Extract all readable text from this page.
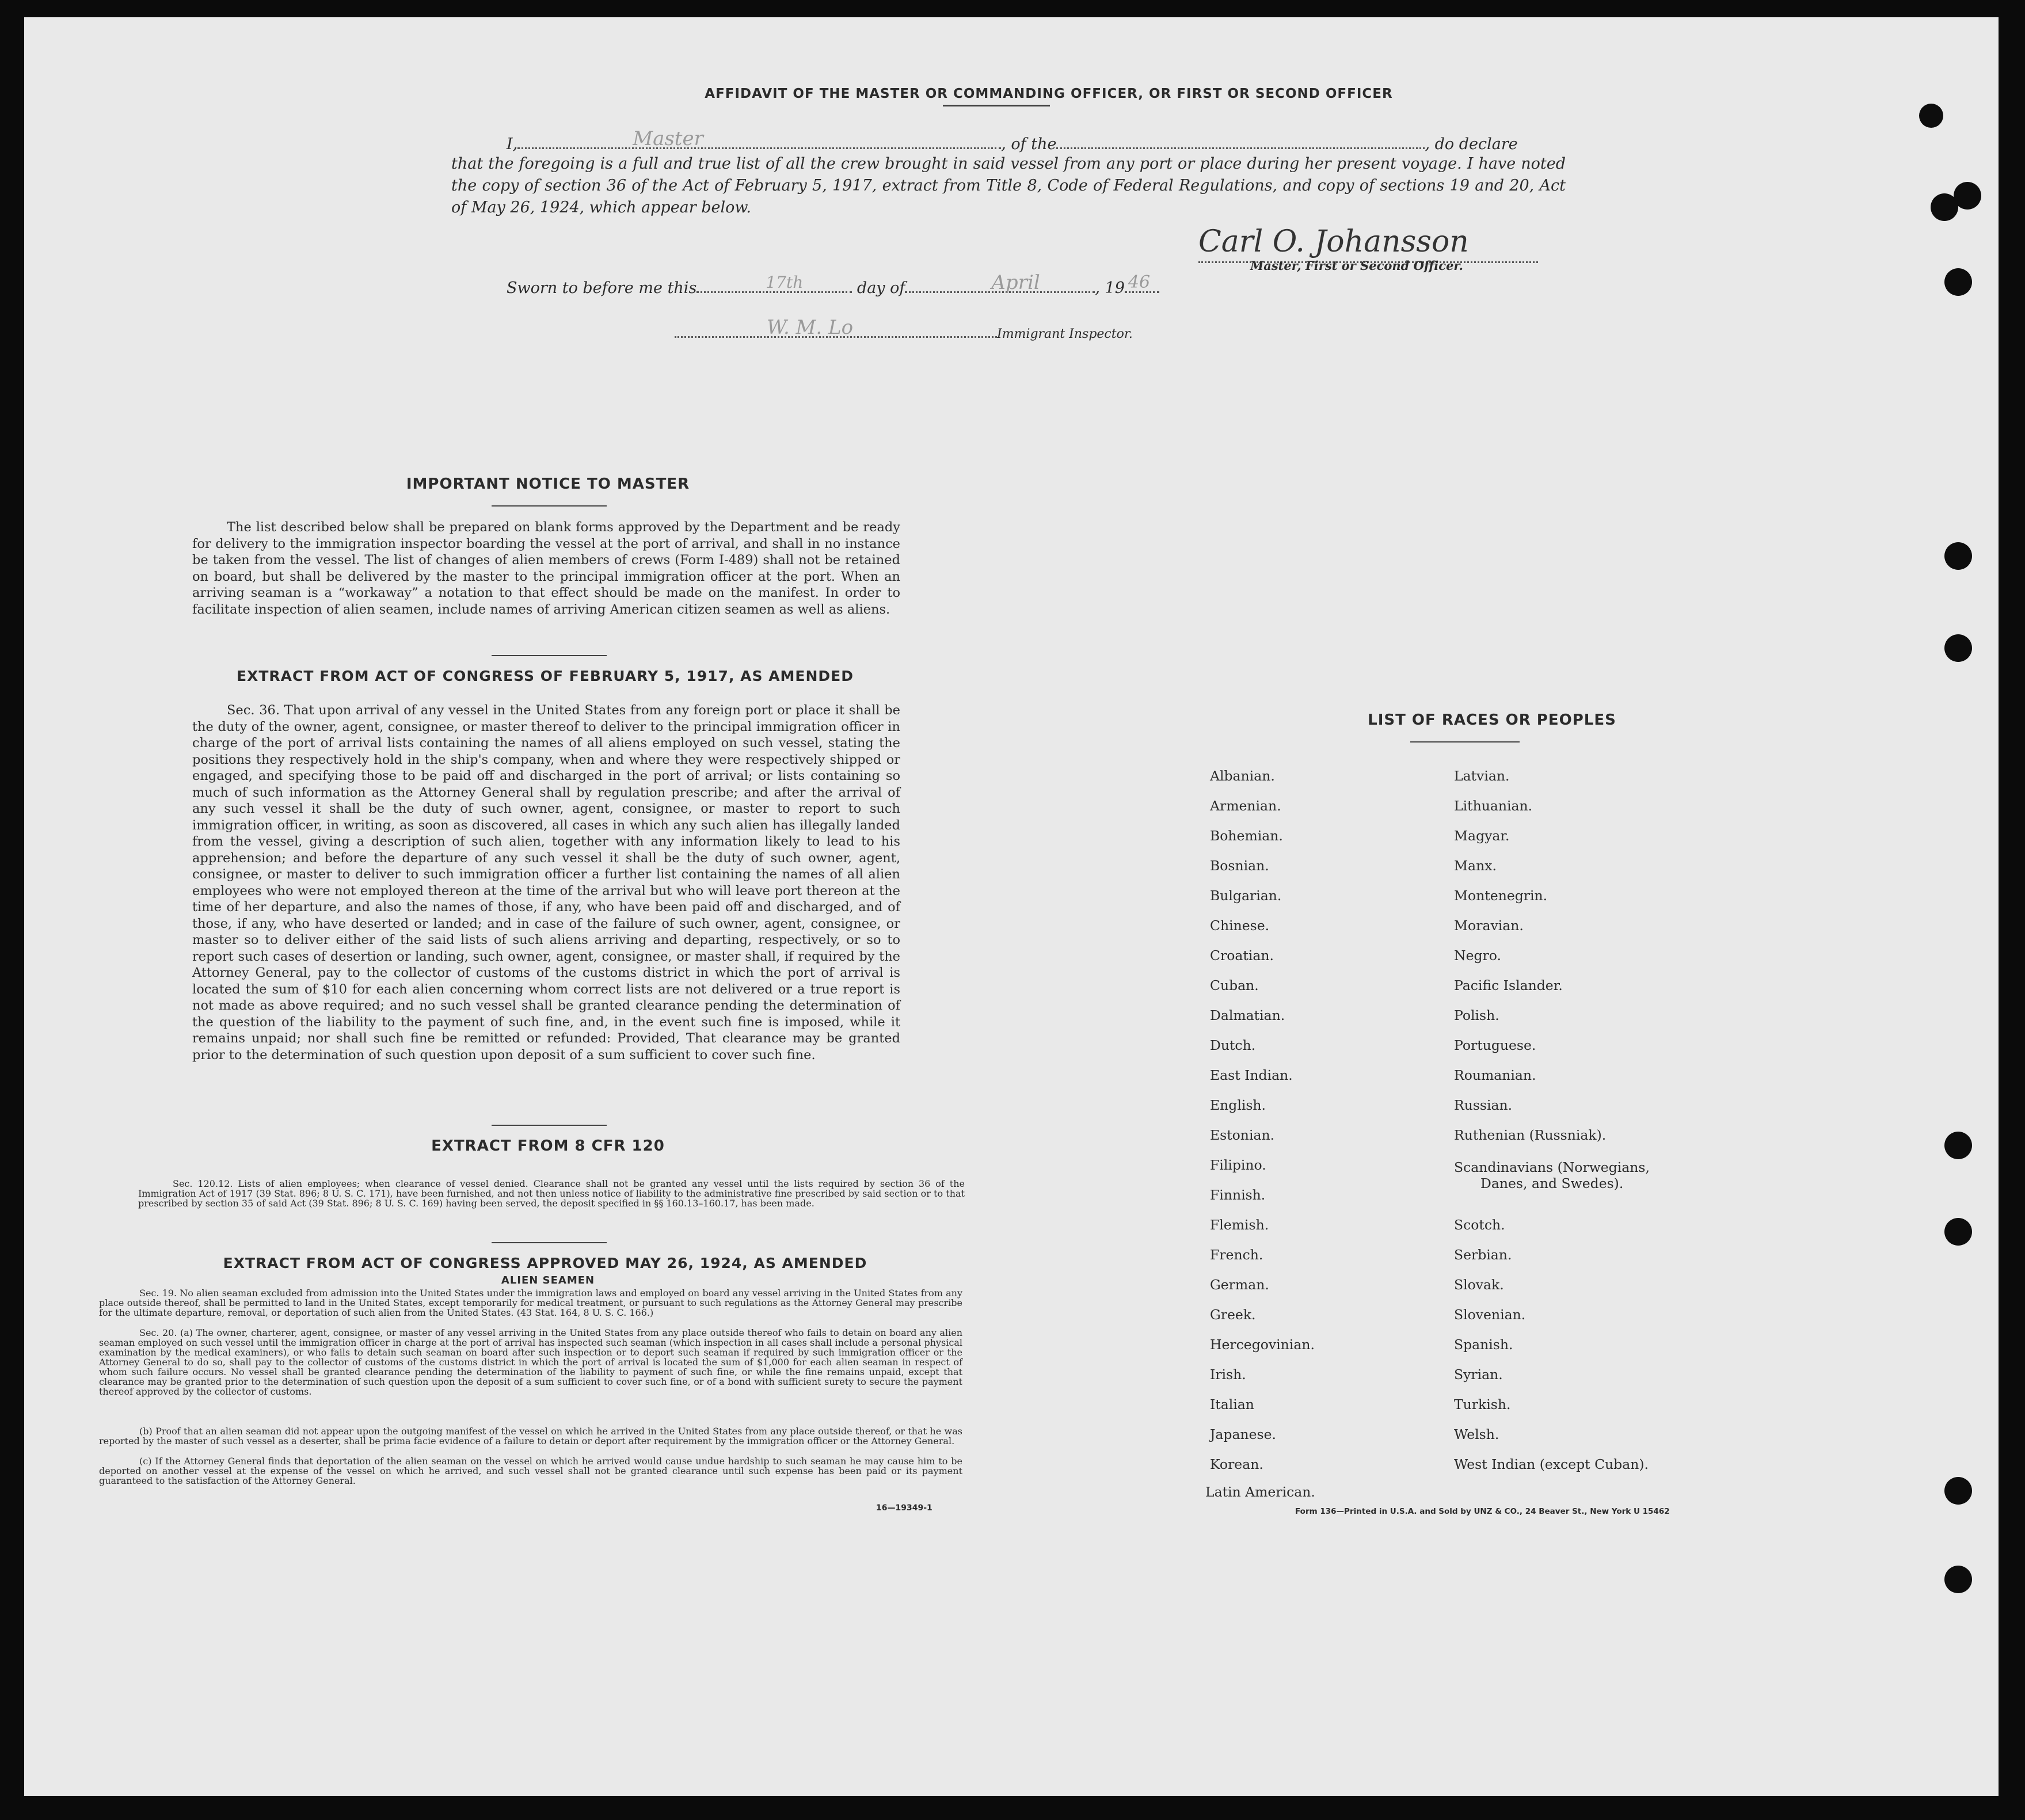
AFFIDAVIT OF THE MASTER OR COMMANDING OFFICER, OR FIRST OR SECOND OFFICER
I,	Master	, of the	, do declare
that the foregoing is a full and true list of all the crew brought in said vessel from any port or place during her present voyage. I have noted the copy of section 36 of the Act of February 5, 1917, extract from Title 8, Code of Federal Regulations, and copy of sections 19 and 20, Act of May 26, 1924, which appear below.
Carl O. Johansson
Master, First or Second Officer.
Sworn to before me this	17th	day of	April	, 19 46
W. M. Lo	Immigrant Inspector.
IMPORTANT NOTICE TO MASTER
The list described below shall be prepared on blank forms approved by the Department and be ready for delivery to the immigration inspector boarding the vessel at the port of arrival, and shall in no instance be taken from the vessel. The list of changes of alien members of crews (Form I-489) shall not be retained on board, but shall be delivered by the master to the principal immigration officer at the port. When an arriving seaman is a “workaway” a notation to that effect should be made on the manifest. In order to facilitate inspection of alien seamen, include names of arriving American citizen seamen as well as aliens.
EXTRACT FROM ACT OF CONGRESS OF FEBRUARY 5, 1917, AS AMENDED
Sec. 36. That upon arrival of any vessel in the United States from any foreign port or place it shall be the duty of the owner, agent, consignee, or master thereof to deliver to the principal immigration officer in charge of the port of arrival lists containing the names of all aliens employed on such vessel, stating the positions they respectively hold in the ship's company, when and where they were respectively shipped or engaged, and specifying those to be paid off and discharged in the port of arrival; or lists containing so much of such information as the Attorney General shall by regulation prescribe; and after the arrival of any such vessel it shall be the duty of such owner, agent, consignee, or master to report to such immigration officer, in writing, as soon as discovered, all cases in which any such alien has illegally landed from the vessel, giving a description of such alien, together with any information likely to lead to his apprehension; and before the departure of any such vessel it shall be the duty of such owner, agent, consignee, or master to deliver to such immigration officer a further list containing the names of all alien employees who were not employed thereon at the time of the arrival but who will leave port thereon at the time of her departure, and also the names of those, if any, who have been paid off and discharged, and of those, if any, who have deserted or landed; and in case of the failure of such owner, agent, consignee, or master so to deliver either of the said lists of such aliens arriving and departing, respectively, or so to report such cases of desertion or landing, such owner, agent, consignee, or master shall, if required by the Attorney General, pay to the collector of customs of the customs district in which the port of arrival is located the sum of $10 for each alien concerning whom correct lists are not delivered or a true report is not made as above required; and no such vessel shall be granted clearance pending the determination of the question of the liability to the payment of such fine, and, in the event such fine is imposed, while it remains unpaid; nor shall such fine be remitted or refunded: Provided, That clearance may be granted prior to the determination of such question upon deposit of a sum sufficient to cover such fine.
EXTRACT FROM 8 CFR 120
Sec. 120.12. Lists of alien employees; when clearance of vessel denied. Clearance shall not be granted any vessel until the lists required by section 36 of the Immigration Act of 1917 (39 Stat. 896; 8 U. S. C. 171), have been furnished, and not then unless notice of liability to the administrative fine prescribed by said section or to that prescribed by section 35 of said Act (39 Stat. 896; 8 U. S. C. 169) having been served, the deposit specified in §§ 160.13–160.17, has been made.
EXTRACT FROM ACT OF CONGRESS APPROVED MAY 26, 1924, AS AMENDED
ALIEN SEAMEN
Sec. 19. No alien seaman excluded from admission into the United States under the immigration laws and employed on board any vessel arriving in the United States from any place outside thereof, shall be permitted to land in the United States, except temporarily for medical treatment, or pursuant to such regulations as the Attorney General may prescribe for the ultimate departure, removal, or deportation of such alien from the United States. (43 Stat. 164, 8 U. S. C. 166.)
Sec. 20. (a) The owner, charterer, agent, consignee, or master of any vessel arriving in the United States from any place outside thereof who fails to detain on board any alien seaman employed on such vessel until the immigration officer in charge at the port of arrival has inspected such seaman (which inspection in all cases shall include a personal physical examination by the medical examiners), or who fails to detain such seaman on board after such inspection or to deport such seaman if required by such immigration officer or the Attorney General to do so, shall pay to the collector of customs of the customs district in which the port of arrival is located the sum of $1,000 for each alien seaman in respect of whom such failure occurs. No vessel shall be granted clearance pending the determination of the liability to payment of such fine, or while the fine remains unpaid, except that clearance may be granted prior to the determination of such question upon the deposit of a sum sufficient to cover such fine, or of a bond with sufficient surety to secure the payment thereof approved by the collector of customs.
(b) Proof that an alien seaman did not appear upon the outgoing manifest of the vessel on which he arrived in the United States from any place outside thereof, or that he was reported by the master of such vessel as a deserter, shall be prima facie evidence of a failure to detain or deport after requirement by the immigration officer or the Attorney General.
(c) If the Attorney General finds that deportation of the alien seaman on the vessel on which he arrived would cause undue hardship to such seaman he may cause him to be deported on another vessel at the expense of the vessel on which he arrived, and such vessel shall not be granted clearance until such expense has been paid or its payment guaranteed to the satisfaction of the Attorney General.
16—19349-1
LIST OF RACES OR PEOPLES
Albanian.
Armenian.
Bohemian.
Bosnian.
Bulgarian.
Chinese.
Croatian.
Cuban.
Dalmatian.
Dutch.
East Indian.
English.
Estonian.
Filipino.
Finnish.
Flemish.
French.
German.
Greek.
Hercegovinian.
Irish.
Italian
Japanese.
Korean.
Latin American.
Latvian.
Lithuanian.
Magyar.
Manx.
Montenegrin.
Moravian.
Negro.
Pacific Islander.
Polish.
Portuguese.
Roumanian.
Russian.
Ruthenian (Russniak).
Scandinavians (Norwegians,
Danes, and Swedes).
Scotch.
Serbian.
Slovak.
Slovenian.
Spanish.
Syrian.
Turkish.
Welsh.
West Indian (except Cuban).
Form 136—Printed in U.S.A. and Sold by UNZ & CO., 24 Beaver St., New York U 15462
